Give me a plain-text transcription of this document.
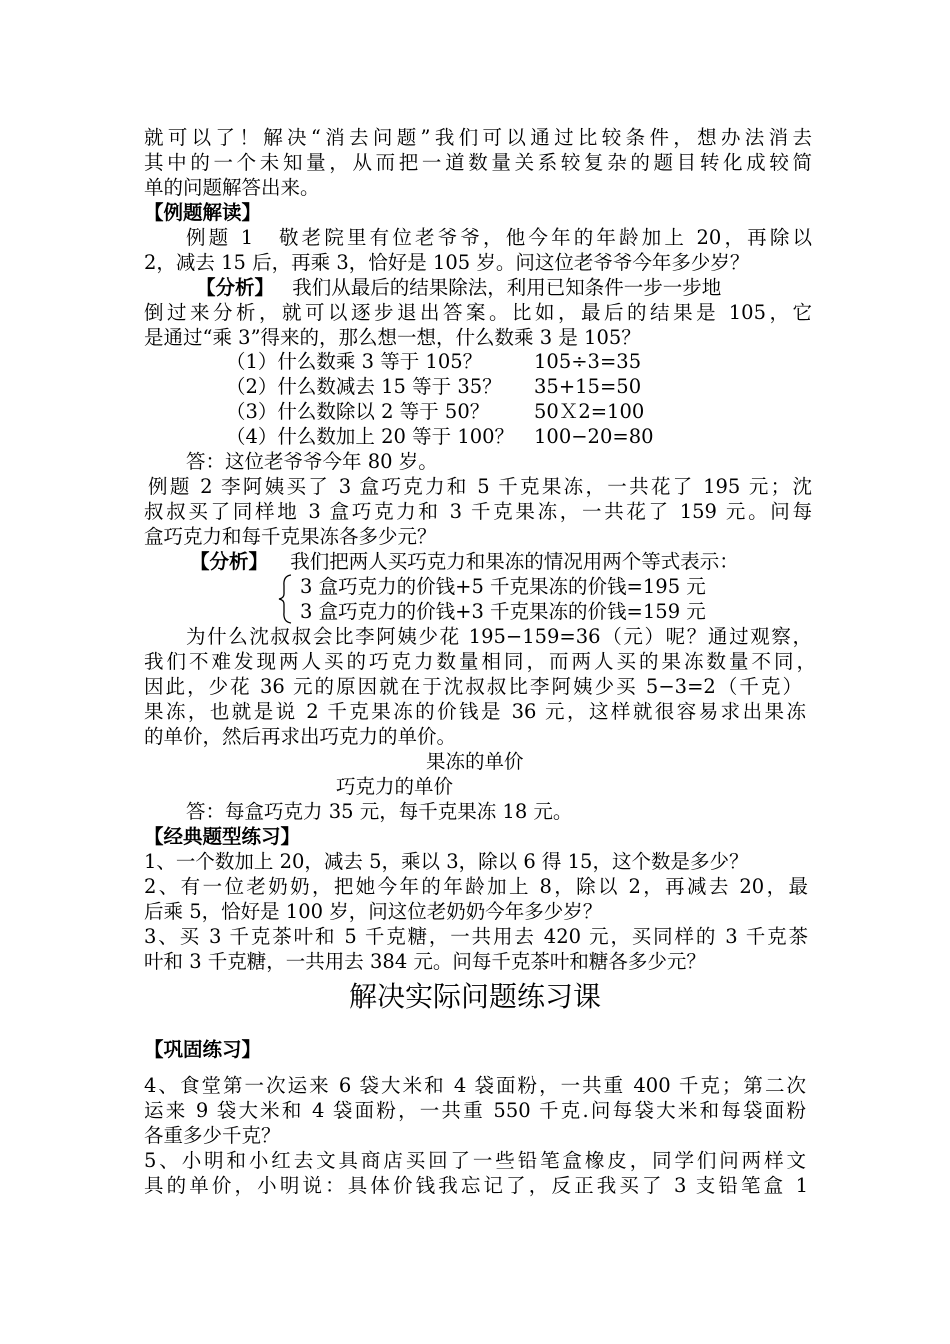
就可以了！解决“消去问题”我们可以通过比较条件，想办法消去
其中的一个未知量，从而把一道数量关系较复杂的题目转化成较简
单的问题解答出来。
【例题解读】
例题 1　敬老院里有位老爷爷，他今年的年龄加上 20，再除以
2，减去 15 后，再乘 3，恰好是 105 岁。问这位老爷爷今年多少岁？
【分析】 我们从最后的结果除法，利用已知条件一步一步地
倒过来分析，就可以逐步退出答案。比如，最后的结果是 105，它
是通过“乘 3”得来的，那么想一想，什么数乘 3 是 105？
（1）什么数乘 3 等于 105？	105÷3=35
（2）什么数减去 15 等于 35？ 35+15=50
（3）什么数除以 2 等于 50？ 50Ｘ2=100
（4）什么数加上 20 等于 100？ 100−20=80
答：这位老爷爷今年 80 岁。
例题 2 李阿姨买了 3 盒巧克力和 5 千克果冻，一共花了 195 元；沈
叔叔买了同样地 3 盒巧克力和 3 千克果冻，一共花了 159 元。问每
盒巧克力和每千克果冻各多少元？
【分析】 我们把两人买巧克力和果冻的情况用两个等式表示：
3 盒巧克力的价钱+5 千克果冻的价钱=195 元
3 盒巧克力的价钱+3 千克果冻的价钱=159 元
为什么沈叔叔会比李阿姨少花 195−159=36（元）呢？通过观察，
我们不难发现两人买的巧克力数量相同，而两人买的果冻数量不同，
因此，少花 36 元的原因就在于沈叔叔比李阿姨少买 5−3=2（千克）
果冻，也就是说 2 千克果冻的价钱是 36 元，这样就很容易求出果冻
的单价，然后再求出巧克力的单价。
果冻的单价
巧克力的单价
答：每盒巧克力 35 元，每千克果冻 18 元。
【经典题型练习】
1、一个数加上 20，减去 5，乘以 3，除以 6 得 15，这个数是多少？
2、有一位老奶奶，把她今年的年龄加上 8，除以 2，再减去 20，最
后乘 5，恰好是 100 岁，问这位老奶奶今年多少岁？
3、买 3 千克茶叶和 5 千克糖，一共用去 420 元，买同样的 3 千克茶
叶和 3 千克糖，一共用去 384 元。问每千克茶叶和糖各多少元？
解决实际问题练习课
【巩固练习】
4、食堂第一次运来 6 袋大米和 4 袋面粉，一共重 400 千克；第二次
运来 9 袋大米和 4 袋面粉，一共重 550 千克.问每袋大米和每袋面粉
各重多少千克？
5、小明和小红去文具商店买回了一些铅笔盒橡皮，同学们问两样文
具的单价，小明说：具体价钱我忘记了，反正我买了 3 支铅笔盒 1
